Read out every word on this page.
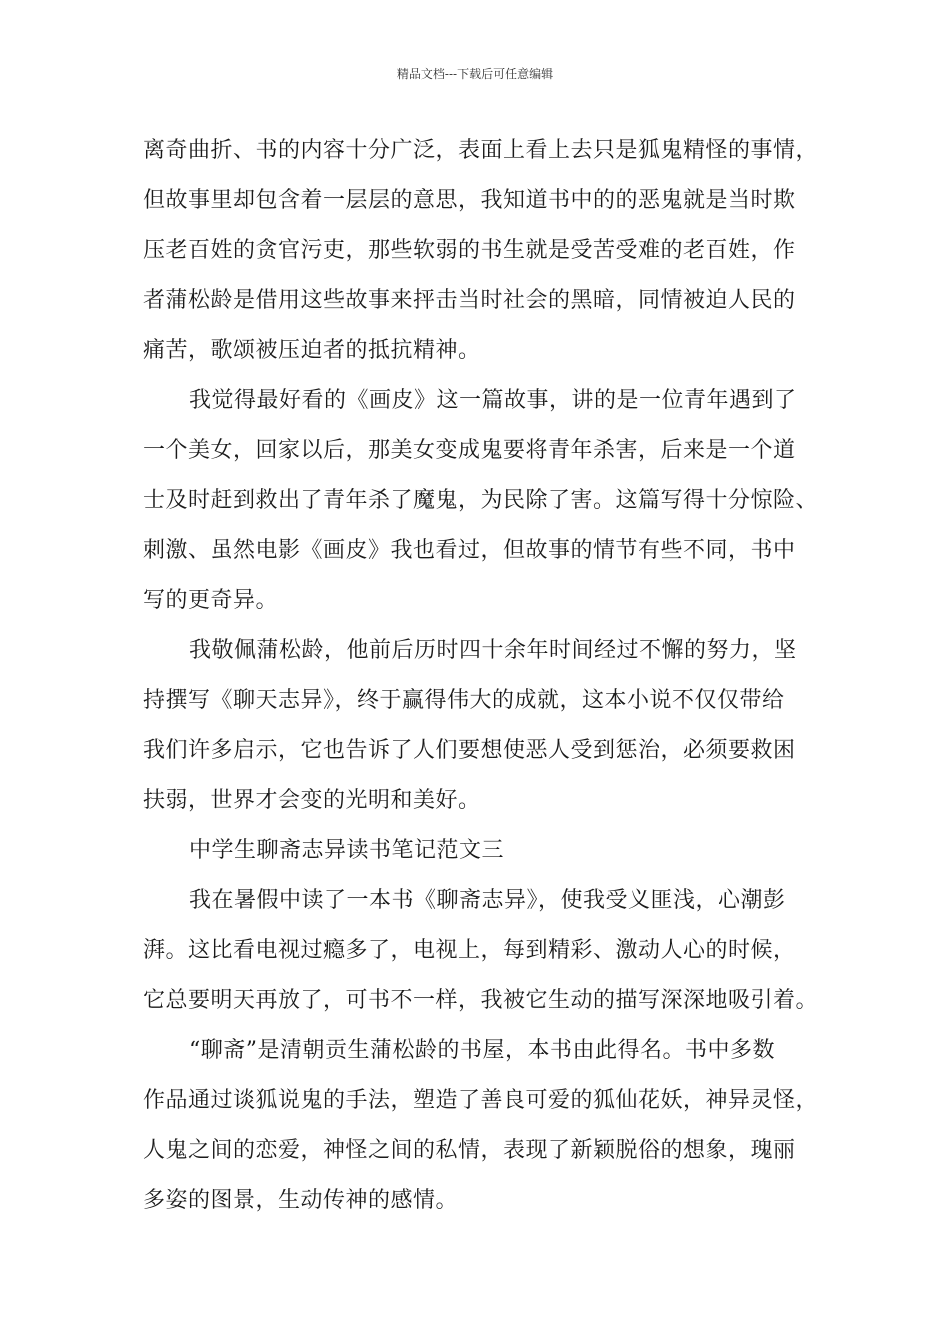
精品文档---下载后可任意编辑
离奇曲折、书的内容十分广泛，表面上看上去只是狐鬼精怪的事情，
但故事里却包含着一层层的意思，我知道书中的的恶鬼就是当时欺
压老百姓的贪官污吏，那些软弱的书生就是受苦受难的老百姓，作
者蒲松龄是借用这些故事来抨击当时社会的黑暗，同情被迫人民的
痛苦，歌颂被压迫者的抵抗精神。
我觉得最好看的《画皮》这一篇故事，讲的是一位青年遇到了
一个美女，回家以后，那美女变成鬼要将青年杀害，后来是一个道
士及时赶到救出了青年杀了魔鬼，为民除了害。这篇写得十分惊险、
刺激、虽然电影《画皮》我也看过，但故事的情节有些不同，书中
写的更奇异。
我敬佩蒲松龄，他前后历时四十余年时间经过不懈的努力，坚
持撰写《聊天志异》，终于赢得伟大的成就，这本小说不仅仅带给
我们许多启示，它也告诉了人们要想使恶人受到惩治，必须要救困
扶弱，世界才会变的光明和美好。
中学生聊斋志异读书笔记范文三
我在暑假中读了一本书《聊斋志异》，使我受义匪浅，心潮彭
湃。这比看电视过瘾多了，电视上，每到精彩、激动人心的时候，
它总要明天再放了，可书不一样，我被它生动的描写深深地吸引着。
“聊斋”是清朝贡生蒲松龄的书屋，本书由此得名。书中多数
作品通过谈狐说鬼的手法，塑造了善良可爱的狐仙花妖，神异灵怪，
人鬼之间的恋爱，神怪之间的私情，表现了新颖脱俗的想象，瑰丽
多姿的图景，生动传神的感情。
